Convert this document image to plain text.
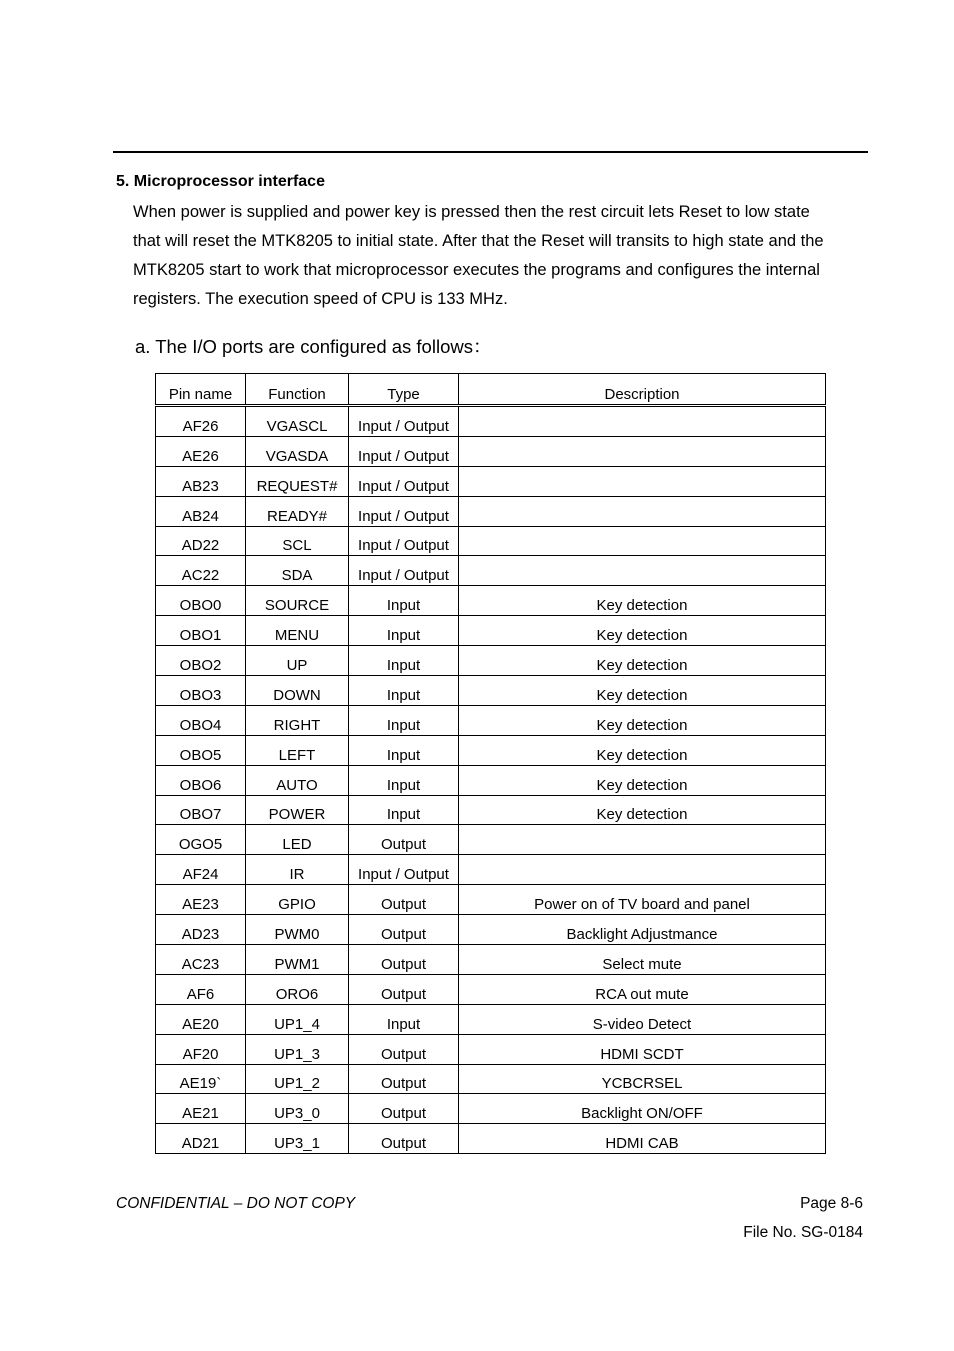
5. Microprocessor interface
When power is supplied and power key is pressed then the rest circuit lets Reset to low state
that will reset the MTK8205 to initial state. After that the Reset will transits to high state and the
MTK8205 start to work that microprocessor executes the programs and configures the internal
registers. The execution speed of CPU is 133 MHz.
a. The I/O ports are configured as follows：
Pin name	Function	Type	Description
AF26	VGASCL	Input / Output	
AE26	VGASDA	Input / Output	
AB23	REQUEST#	Input / Output	
AB24	READY#	Input / Output	
AD22	SCL	Input / Output	
AC22	SDA	Input / Output	
OBO0	SOURCE	Input	Key detection
OBO1	MENU	Input	Key detection
OBO2	UP	Input	Key detection
OBO3	DOWN	Input	Key detection
OBO4	RIGHT	Input	Key detection
OBO5	LEFT	Input	Key detection
OBO6	AUTO	Input	Key detection
OBO7	POWER	Input	Key detection
OGO5	LED	Output	
AF24	IR	Input / Output	
AE23	GPIO	Output	Power on of TV board and panel
AD23	PWM0	Output	Backlight Adjustmance
AC23	PWM1	Output	Select mute
AF6	ORO6	Output	RCA out mute
AE20	UP1_4	Input	S-video Detect
AF20	UP1_3	Output	HDMI SCDT
AE19`	UP1_2	Output	YCBCRSEL
AE21	UP3_0	Output	Backlight ON/OFF
AD21	UP3_1	Output	HDMI CAB
CONFIDENTIAL – DO NOT COPY	Page 8-6
File No. SG-0184
